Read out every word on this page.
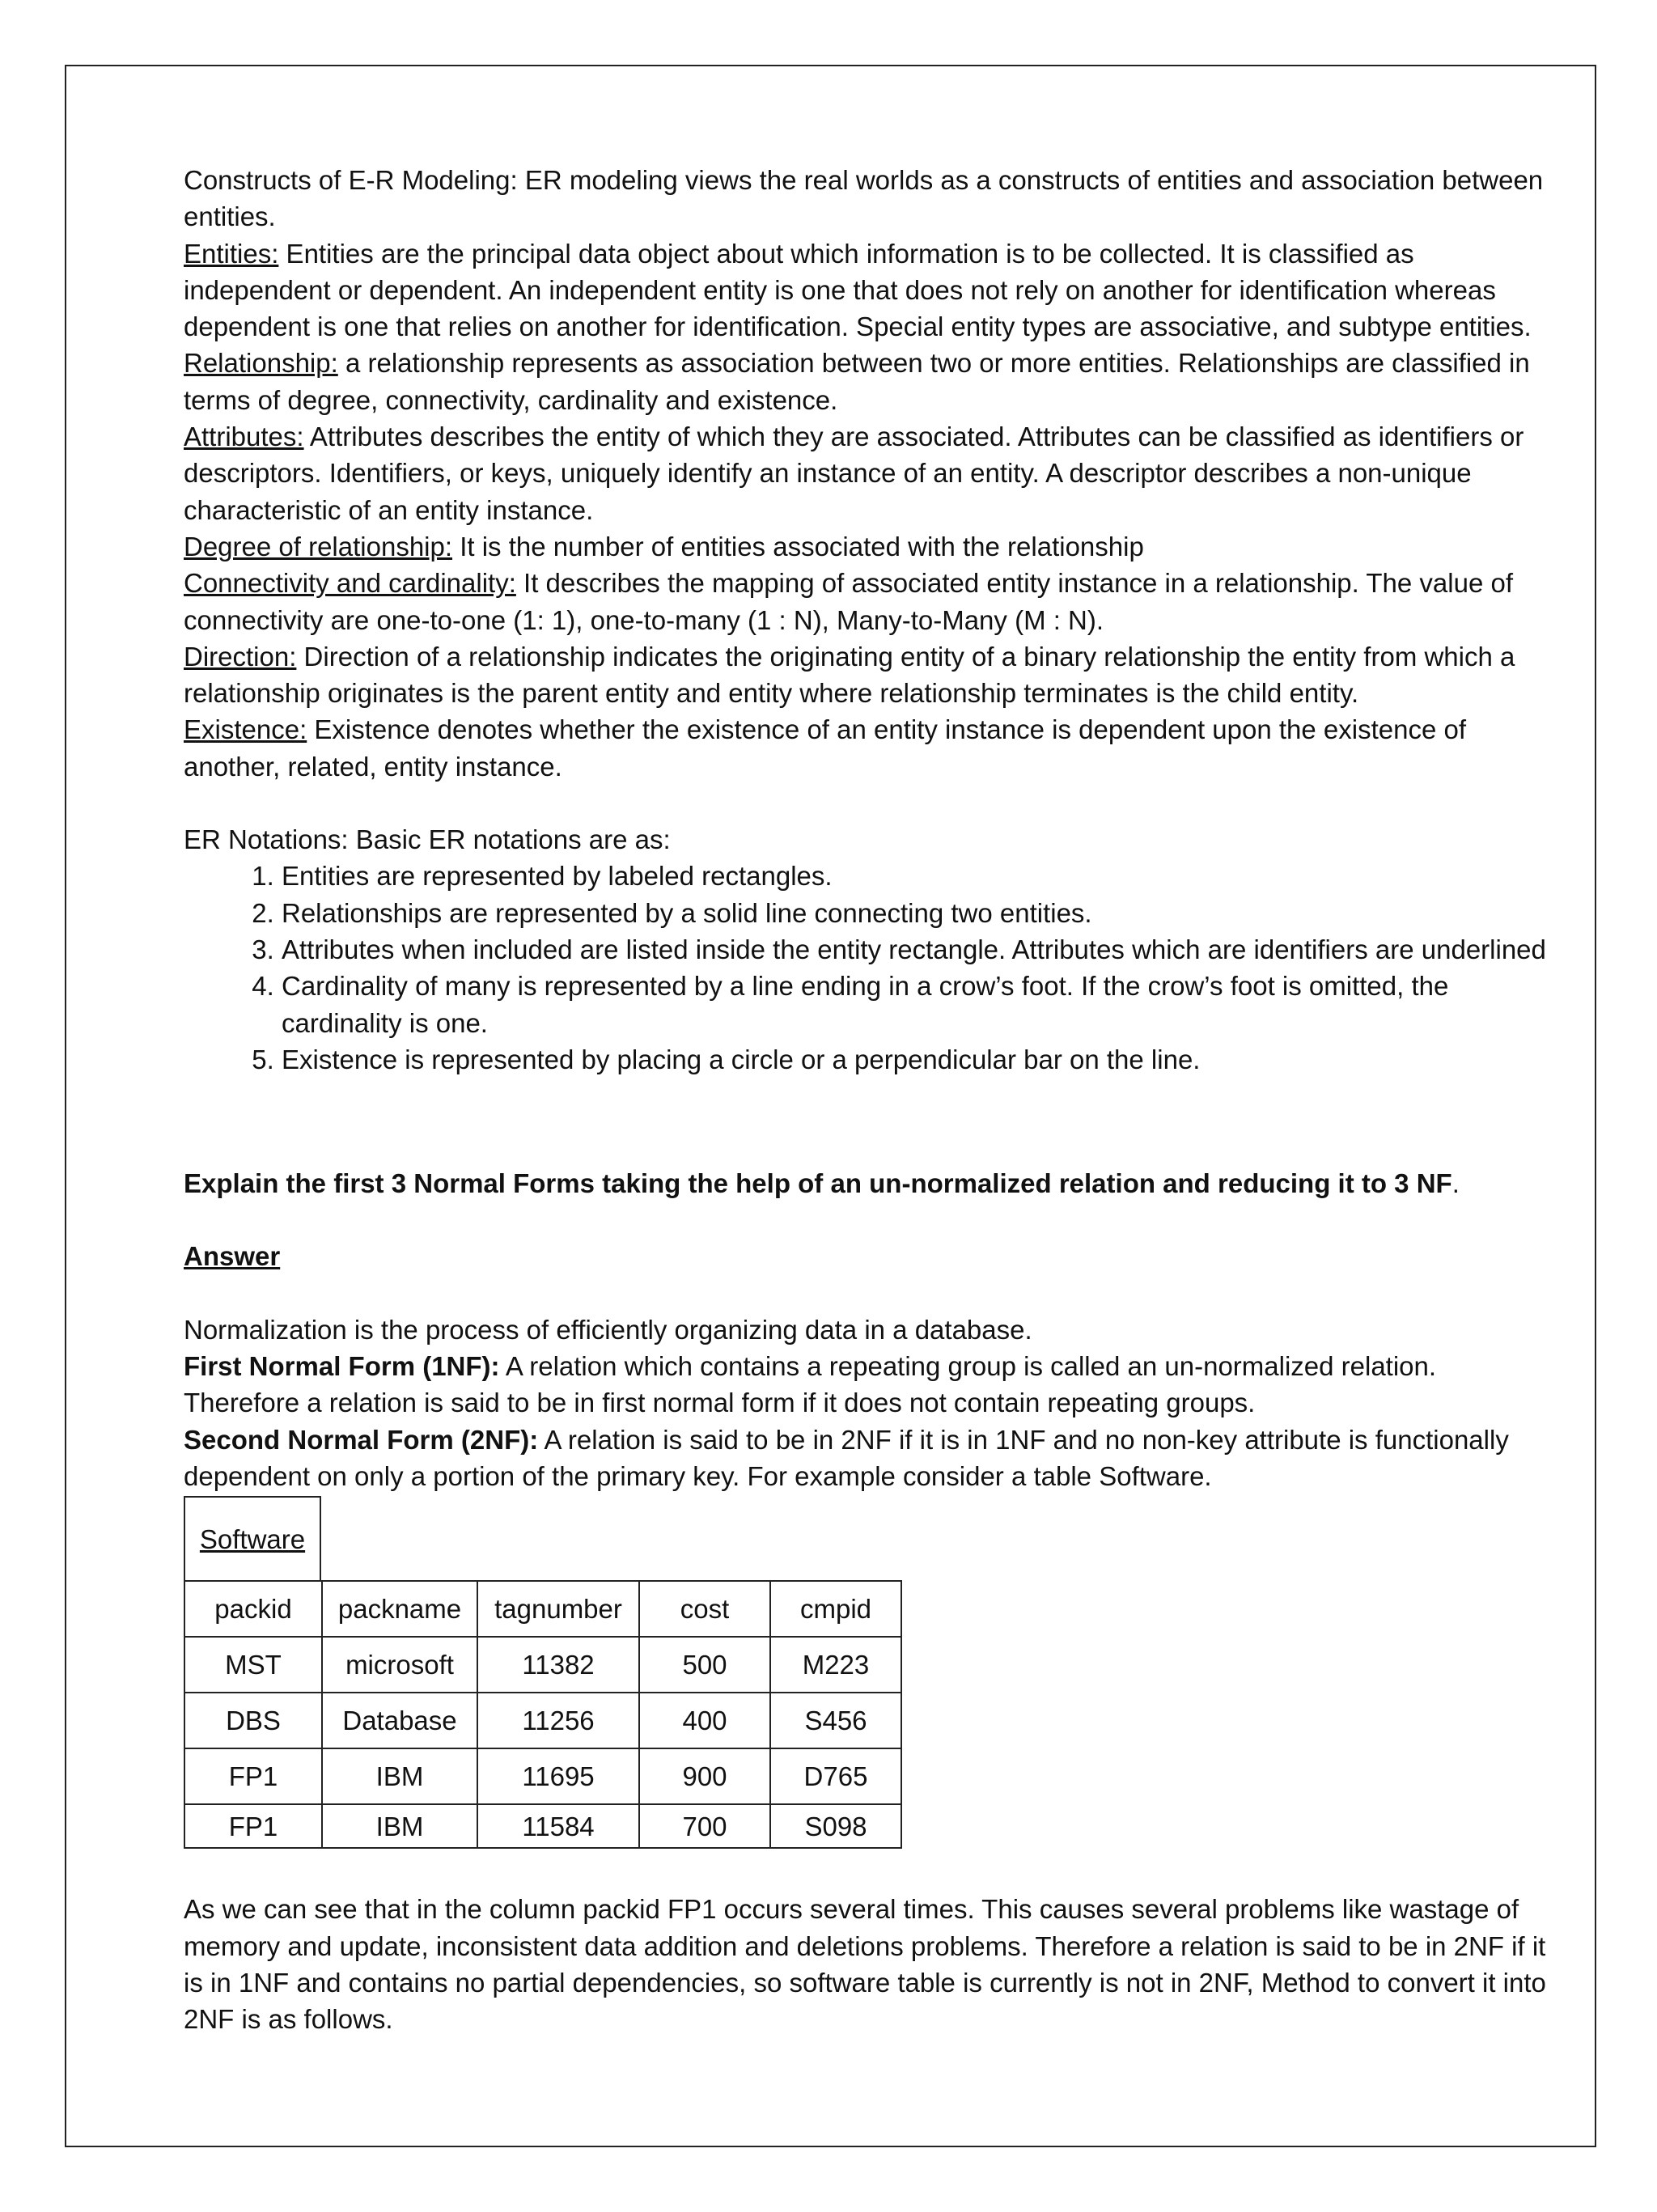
Constructs of E-R Modeling: ER modeling views the real worlds as a constructs of entities and association between entities.

Entities: Entities are the principal data object about which information is to be collected. It is classified as independent or dependent. An independent entity is one that does not rely on another for identification whereas dependent is one that relies on another for identification. Special entity types are associative, and subtype entities.

Relationship: a relationship represents as association between two or more entities. Relationships are classified in terms of degree, connectivity, cardinality and existence.

Attributes: Attributes describes the entity of which they are associated. Attributes can be classified as identifiers or descriptors. Identifiers, or keys, uniquely identify an instance of an entity. A descriptor describes a non-unique characteristic of an entity instance.

Degree of relationship: It is the number of entities associated with the relationship

Connectivity and cardinality: It describes the mapping of associated entity instance in a relationship. The value of connectivity are one-to-one (1: 1), one-to-many (1 : N), Many-to-Many (M : N).

Direction: Direction of a relationship indicates the originating entity of a binary relationship the entity from which a relationship originates is the parent entity and entity where relationship terminates is the child entity.

Existence: Existence denotes whether the existence of an entity instance is dependent upon the existence of another, related, entity instance.

ER Notations: Basic ER notations are as:

1. Entities are represented by labeled rectangles.
2. Relationships are represented by a solid line connecting two entities.
3. Attributes when included are listed inside the entity rectangle. Attributes which are identifiers are underlined
4. Cardinality of many is represented by a line ending in a crow’s foot. If the crow’s foot is omitted, the cardinality is one.
5. Existence is represented by placing a circle or a perpendicular bar on the line.

Explain the first 3 Normal Forms taking the help of an un-normalized relation and reducing it to 3 NF.

Answer

Normalization is the process of efficiently organizing data in a database.

First Normal Form (1NF): A relation which contains a repeating group is called an un-normalized relation. Therefore a relation is said to be in first normal form if it does not contain repeating groups.

Second Normal Form (2NF): A relation is said to be in 2NF if it is in 1NF and no non-key attribute is functionally dependent on only a portion of the primary key. For example consider a table Software.

Software
packid	packname	tagnumber	cost	cmpid
MST	microsoft	11382	500	M223
DBS	Database	11256	400	S456
FP1	IBM	11695	900	D765
FP1	IBM	11584	700	S098

As we can see that in the column packid FP1 occurs several times. This causes several problems like wastage of memory and update, inconsistent data addition and deletions problems. Therefore a relation is said to be in 2NF if it is in 1NF and contains no partial dependencies, so software table is currently is not in 2NF, Method to convert it into 2NF is as follows.
